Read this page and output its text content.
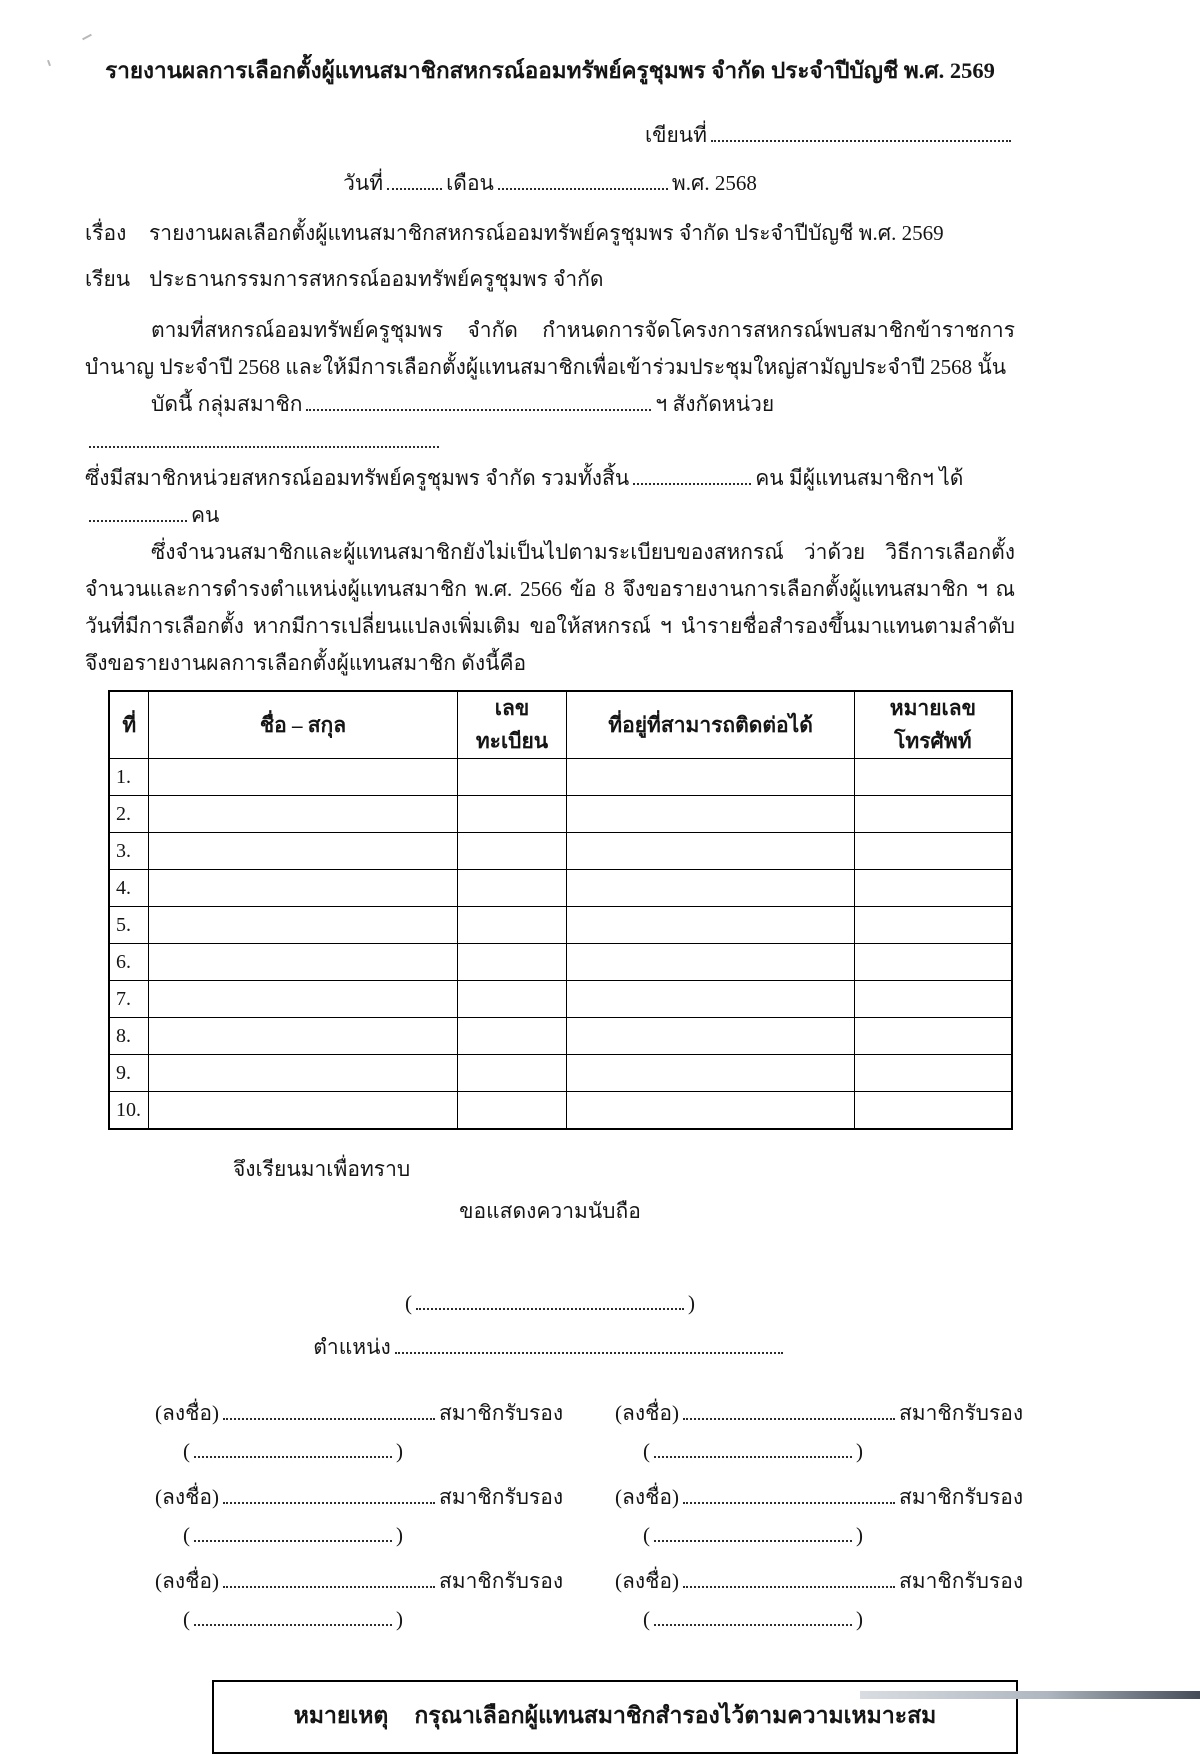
รายงานผลการเลือกตั้งผู้แทนสมาชิกสหกรณ์ออมทรัพย์ครูชุมพร จำกัด ประจำปีบัญชี พ.ศ. 2569
เขียนที่
วันที่	เดือน	พ.ศ. 2568
เรื่อง รายงานผลเลือกตั้งผู้แทนสมาชิกสหกรณ์ออมทรัพย์ครูชุมพร จำกัด ประจำปีบัญชี พ.ศ. 2569
เรียน ประธานกรรมการสหกรณ์ออมทรัพย์ครูชุมพร จำกัด

ตามที่สหกรณ์ออมทรัพย์ครูชุมพร จำกัด กำหนดการจัดโครงการสหกรณ์พบสมาชิกข้าราชการบำนาญ ประจำปี 2568 และให้มีการเลือกตั้งผู้แทนสมาชิกเพื่อเข้าร่วมประชุมใหญ่สามัญประจำปี 2568 นั้น

บัดนี้ กลุ่มสมาชิก	ฯ สังกัดหน่วย
ซึ่งมีสมาชิกหน่วยสหกรณ์ออมทรัพย์ครูชุมพร จำกัด รวมทั้งสิ้น	คน มีผู้แทนสมาชิกฯ ได้คน

ซึ่งจำนวนสมาชิกและผู้แทนสมาชิกยังไม่เป็นไปตามระเบียบของสหกรณ์ ว่าด้วย วิธีการเลือกตั้ง จำนวนและการดำรงตำแหน่งผู้แทนสมาชิก พ.ศ. 2566 ข้อ 8 จึงขอรายงานการเลือกตั้งผู้แทนสมาชิก ฯ ณ วันที่มีการเลือกตั้ง หากมีการเปลี่ยนแปลงเพิ่มเติม ขอให้สหกรณ์ ฯ นำรายชื่อสำรองขึ้นมาแทนตามลำดับ จึงขอรายงานผลการเลือกตั้งผู้แทนสมาชิก ดังนี้คือ

ที่	ชื่อ – สกุล	เลขทะเบียน	ที่อยู่ที่สามารถติดต่อได้	หมายเลขโทรศัพท์
1.				
2.				
3.				
4.				
5.				
6.				
7.				
8.				
9.				
10.				
จึงเรียนมาเพื่อทราบ
ขอแสดงความนับถือ
(	)
ตำแหน่ง
(ลงชื่อ)	สมาชิกรับรอง
(	)
(ลงชื่อ)	สมาชิกรับรอง
(	)
(ลงชื่อ)	สมาชิกรับรอง
(	)
(ลงชื่อ)	สมาชิกรับรอง
(	)
(ลงชื่อ)	สมาชิกรับรอง
(	)
(ลงชื่อ)	สมาชิกรับรอง
(	)
หมายเหตุ กรุณาเลือกผู้แทนสมาชิกสำรองไว้ตามความเหมาะสม
